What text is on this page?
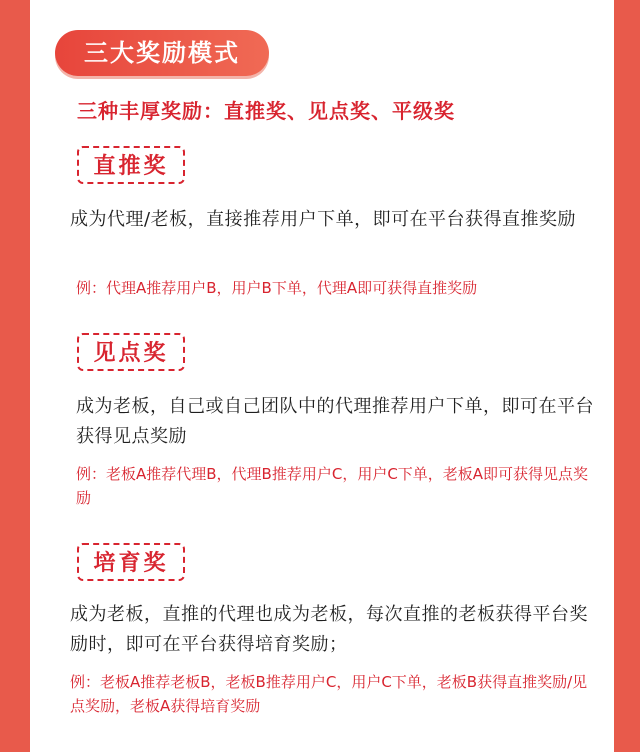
三大奖励模式
三种丰厚奖励：直推奖、见点奖、平级奖
直推奖
成为代理/老板，直接推荐用户下单，即可在平台获得直推奖励
例：代理A推荐用户B，用户B下单，代理A即可获得直推奖励
见点奖
成为老板，自己或自己团队中的代理推荐用户下单，即可在平台获得见点奖励
例：老板A推荐代理B，代理B推荐用户C，用户C下单，老板A即可获得见点奖励
培育奖
成为老板，直推的代理也成为老板，每次直推的老板获得平台奖励时，即可在平台获得培育奖励；
例：老板A推荐老板B，老板B推荐用户C，用户C下单，老板B获得直推奖励/见点奖励，老板A获得培育奖励
